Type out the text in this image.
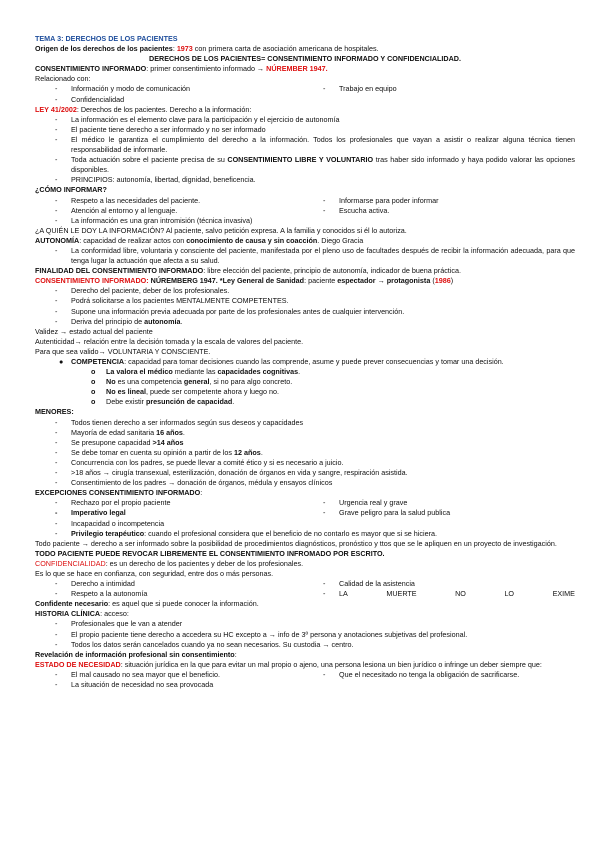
TEMA 3: DERECHOS DE LOS PACIENTES
Origen de los derechos de los pacientes: 1973 con primera carta de asociación americana de hospitales.
DERECHOS DE LOS PACIENTES= CONSENTIMIENTO INFORMADO Y CONFIDENCIALIDAD.
CONSENTIMIENTO INFORMADO: primer consentimiento informado → NÚREMBER 1947.
Relacionado con:
- Información y modo de comunicación
- Confidencialidad
- Trabajo en equipo
LEY 41/2002: Derechos de los pacientes. Derecho a la información:
- La información es el elemento clave para la participación y el ejercicio de autonomía
- El paciente tiene derecho a ser informado y no ser informado
- El médico le garantiza el cumplimiento del derecho a la información. Todos los profesionales que vayan a asistir o realizar alguna técnica tienen responsabilidad de informarle.
- Toda actuación sobre el paciente precisa de su CONSENTIMIENTO LIBRE Y VOLUNTARIO tras haber sido informado y haya podido valorar las opciones disponibles.
- PRINCIPIOS: autonomía, libertad, dignidad, beneficencia.
¿CÓMO INFORMAR?
- Respeto a las necesidades del paciente.
- Atención al entorno y al lenguaje.
- La información es una gran intromisión (técnica invasiva)
- Informarse para poder informar
- Escucha activa.
¿A QUIÉN LE DOY LA INFORMACIÓN? Al paciente, salvo petición expresa. A la familia y conocidos si él lo autoriza.
AUTONOMÍA: capacidad de realizar actos con conocimiento de causa y sin coacción. Diego Gracia
- La conformidad libre, voluntaria y consciente del paciente, manifestada por el pleno uso de facultades después de recibir la información adecuada, para que tenga lugar la actuación que afecta a su salud.
FINALIDAD DEL CONSENTIMIENTO INFORMADO: libre elección del paciente, principio de autonomía, indicador de buena práctica.
CONSENTIMIENTO INFORMADO: NÚREMBERG 1947. *Ley General de Sanidad: paciente espectador → protagonista (1986)
- Derecho del paciente, deber de los profesionales.
- Podrá solicitarse a los pacientes MENTALMENTE COMPETENTES.
- Supone una información previa adecuada por parte de los profesionales antes de cualquier intervención.
- Deriva del principio de autonomía.
Validez → estado actual del paciente
Autenticidad→ relación entre la decisión tomada y la escala de valores del paciente.
Para que sea valido→ VOLUNTARIA Y CONSCIENTE.
● COMPETENCIA: capacidad para tomar decisiones cuando las comprende, asume y puede prever consecuencias y tomar una decisión.
o La valora el médico mediante las capacidades cognitivas.
o No es una competencia general, si no para algo concreto.
o No es lineal, puede ser competente ahora y luego no.
o Debe existir presunción de capacidad.
MENORES:
- Todos tienen derecho a ser informados según sus deseos y capacidades
- Mayoría de edad sanitaria 16 años.
- Se presupone capacidad >14 años
- Se debe tomar en cuenta su opinión a partir de los 12 años.
- Concurrencia con los padres, se puede llevar a comité ético y si es necesario a juicio.
- >18 años → cirugía transexual, esterilización, donación de órganos en vida y sangre, respiración asistida.
- Consentimiento de los padres → donación de órganos, médula y ensayos clínicos
EXCEPCIONES CONSENTIMIENTO INFORMADO:
- Rechazo por el propio paciente
- Imperativo legal
- Incapacidad o incompetencia
- Urgencia real y grave
- Grave peligro para la salud publica
- Privilegio terapéutico: cuando el profesional considera que el beneficio de no contarlo es mayor que si se hiciera.
Todo paciente → derecho a ser informado sobre la posibilidad de procedimientos diagnósticos, pronóstico y ttos que se le apliquen en un proyecto de investigación.
TODO PACIENTE PUEDE REVOCAR LIBREMENTE EL CONSENTIMIENTO INFROMADO POR ESCRITO.
CONFIDENCIALIDAD: es un derecho de los pacientes y deber de los profesionales.
Es lo que se hace en confianza, con seguridad, entre dos o más personas.
- Derecho a intimidad
- Respeto a la autonomía
- Calidad de la asistencia
- LA	MUERTE	NO	LO	EXIME
Confidente necesario: es aquel que si puede conocer la información.
HISTORIA CLÍNICA: acceso:
- Profesionales que le van a atender
- El propio paciente tiene derecho a accedera su HC excepto a → info de 3º persona y anotaciones subjetivas del profesional.
- Todos los datos serán cancelados cuando ya no sean necesarios. Su custodia → centro.
Revelación de información profesional sin consentimiento:
ESTADO DE NECESIDAD: situación jurídica en la que para evitar un mal propio o ajeno, una persona lesiona un bien jurídico o infringe un deber siempre que:
- El mal causado no sea mayor que el beneficio.
- La situación de necesidad no sea provocada
- Que el necesitado no tenga la obligación de sacrificarse.
